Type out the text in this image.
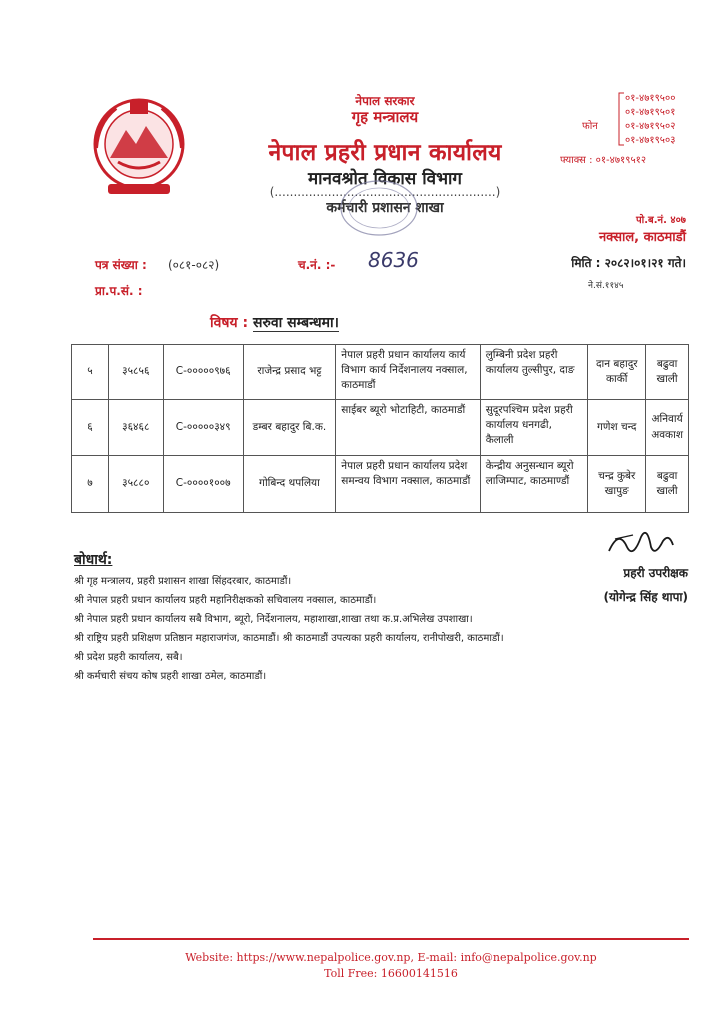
नेपाल सरकार
गृह मन्त्रालय
नेपाल प्रहरी प्रधान कार्यालय
मानवश्रोत विकास विभाग
(..........................................................)
कर्मचारी प्रशासन शाखा
०१-४७१९५००
०१-४७१९५०१
फोन	०१-४७१९५०२
०१-४७१९५०३
फ्याक्स : ०१-४७१९५१२
पो.ब.नं. ४०७
नक्साल, काठमाडौं
पत्र संख्या : (०८१-०८२)	च.नं. :- 8636	मिति : २०८२।०१।२१ गते।
ने.सं.११४५
प्रा.प.सं. :
विषय : सरुवा सम्बन्धमा।
५	३५८५६	C-०००००९७६	राजेन्द्र प्रसाद भट्ट	नेपाल प्रहरी प्रधान कार्यालय कार्य विभाग कार्य निर्देशनालय नक्साल, काठमाडौं	लुम्बिनी प्रदेश प्रहरी कार्यालय तुल्सीपुर, दाङ	दान बहादुर कार्की	बढुवा खाली
६	३६४६८	C-०००००३४९	डम्बर बहादुर बि.क.	साईबर ब्यूरो भोटाहिटी, काठमाडौं	सुदूरपश्चिम प्रदेश प्रहरी कार्यालय धनगढी, कैलाली	गणेश चन्द	अनिवार्य अवकाश
७	३५८८०	C-००००१००७	गोबिन्द थपलिया	नेपाल प्रहरी प्रधान कार्यालय प्रदेश समन्वय विभाग नक्साल, काठमाडौं	केन्द्रीय अनुसन्धान ब्यूरो लाजिम्पाट, काठमाण्डौं	चन्द्र कुबेर खापुङ	बढुवा खाली
प्रहरी उपरीक्षक
(योगेन्द्र सिंह थापा)
बोधार्थ:
श्री गृह मन्त्रालय, प्रहरी प्रशासन शाखा सिंहदरबार, काठमाडौं।
श्री नेपाल प्रहरी प्रधान कार्यालय प्रहरी महानिरीक्षकको सचिवालय नक्साल, काठमाडौं।
श्री नेपाल प्रहरी प्रधान कार्यालय सबै विभाग, ब्यूरो, निर्देशनालय, महाशाखा,शाखा तथा क.प्र.अभिलेख उपशाखा।
श्री राष्ट्रिय प्रहरी प्रशिक्षण प्रतिष्ठान महाराजगंज, काठमाडौं। श्री काठमाडौं उपत्यका प्रहरी कार्यालय, रानीपोखरी, काठमाडौं।
श्री प्रदेश प्रहरी कार्यालय, सबै।
श्री कर्मचारी संचय कोष प्रहरी शाखा ठमेल, काठमाडौं।
Website: https://www.nepalpolice.gov.np, E-mail: info@nepalpolice.gov.np
Toll Free: 16600141516
